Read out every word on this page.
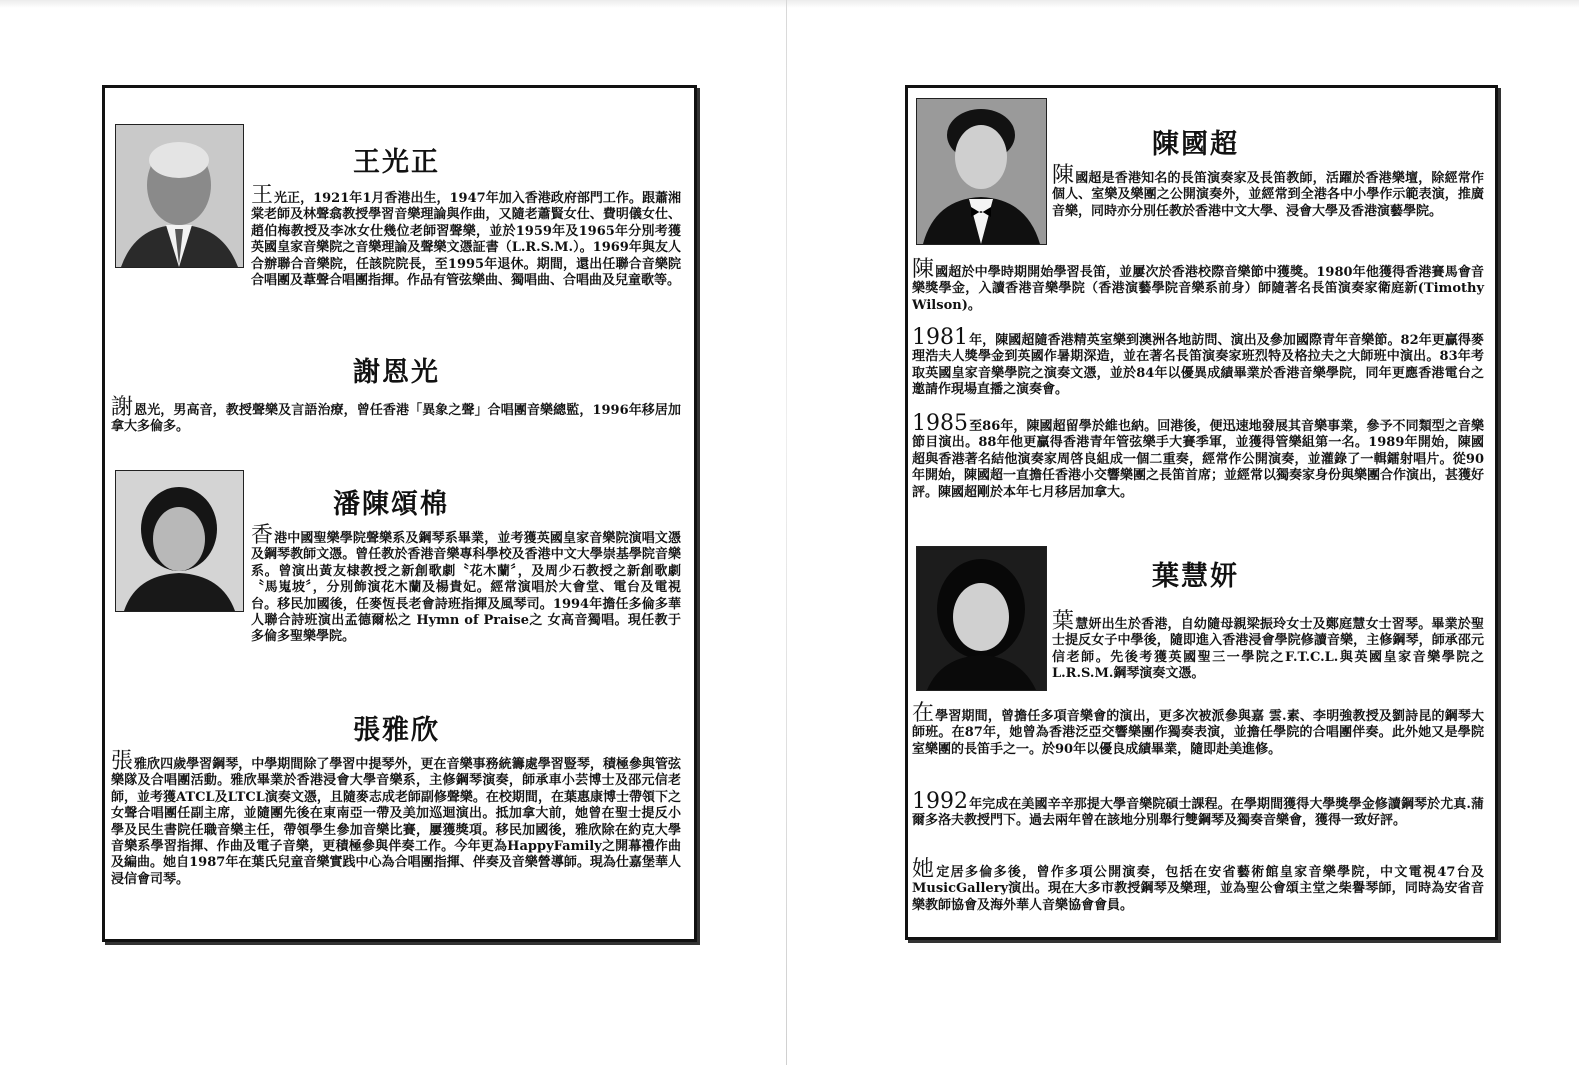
王光正
王光正，1921年1月香港出生，1947年加入香港政府部門工作。跟蕭湘棠老師及林聲翕教授學習音樂理論與作曲，又隨老蕭賢女仕、費明儀女仕、趙伯梅教授及李冰女仕幾位老師習聲樂，並於1959年及1965年分別考獲英國皇家音樂院之音樂理論及聲樂文憑証書（L.R.S.M.）。1969年與友人合辦聯合音樂院，任該院院長，至1995年退休。期間，還出任聯合音樂院合唱團及葦聲合唱團指揮。作品有管弦樂曲、獨唱曲、合唱曲及兒童歌等。
謝恩光
謝恩光，男高音，教授聲樂及言語治療，曾任香港「異象之聲」合唱團音樂總監，1996年移居加拿大多倫多。
潘陳頌棉
香港中國聖樂學院聲樂系及鋼琴系畢業，並考獲英國皇家音樂院演唱文憑及鋼琴教師文憑。曾任教於香港音樂專科學校及香港中文大學崇基學院音樂系。曾演出黃友棣教授之新創歌劇〝花木蘭〞，及周少石教授之新創歌劇〝馬嵬坡〞，分別飾演花木蘭及楊貴妃。經常演唱於大會堂、電台及電視台。移民加國後，任麥恆長老會詩班指揮及風琴司。1994年擔任多倫多華人聯合詩班演出孟德爾松之 Hymn of Praise之 女高音獨唱。現任教于多倫多聖樂學院。
張雅欣
張雅欣四歲學習鋼琴，中學期間除了學習中提琴外，更在音樂事務統籌處學習豎琴，積極參與管弦樂隊及合唱團活動。雅欣畢業於香港浸會大學音樂系，主修鋼琴演奏，師承車小芸博士及邵元信老師，並考獲ATCL及LTCL演奏文憑，且隨麥志成老師副修聲樂。在校期間，在葉惠康博士帶領下之女聲合唱團任副主席，並隨團先後在東南亞一帶及美加巡迴演出。抵加拿大前，她曾在聖士提反小學及民生書院任職音樂主任，帶領學生參加音樂比賽，屢獲獎項。移民加國後，雅欣除在約克大學音樂系學習指揮、作曲及電子音樂，更積極參與伴奏工作。今年更為HappyFamily之開幕禮作曲及編曲。她自1987年在葉氏兒童音樂實践中心為合唱團指揮、伴奏及音樂營導師。現為仕嘉堡華人浸信會司琴。
陳國超
陳國超是香港知名的長笛演奏家及長笛教師，活躍於香港樂壇，除經常作個人、室樂及樂團之公開演奏外，並經常到全港各中小學作示範表演，推廣音樂，同時亦分別任教於香港中文大學、浸會大學及香港演藝學院。
陳國超於中學時期開始學習長笛，並屢次於香港校際音樂節中獲獎。1980年他獲得香港賽馬會音樂獎學金，入讀香港音樂學院（香港演藝學院音樂系前身）師隨著名長笛演奏家衛庭新(Timothy Wilson)。
1981年，陳國超隨香港精英室樂到澳洲各地訪問、演出及參加國際青年音樂節。82年更贏得麥理浩夫人獎學金到英國作暑期深造，並在著名長笛演奏家班烈特及格拉夫之大師班中演出。83年考取英國皇家音樂學院之演奏文憑，並於84年以優異成績畢業於香港音樂學院，同年更應香港電台之邀請作現場直播之演奏會。
1985至86年，陳國超留學於維也納。回港後，便迅速地發展其音樂事業，參予不同類型之音樂節目演出。88年他更贏得香港青年管弦樂手大賽季軍，並獲得管樂組第一名。1989年開始，陳國超與香港著名結他演奏家周啓良組成一個二重奏，經常作公開演奏，並灌錄了一輯鐳射唱片。從90年開始，陳國超一直擔任香港小交響樂團之長笛首席；並經常以獨奏家身份與樂團合作演出，甚獲好評。陳國超剛於本年七月移居加拿大。
葉慧妍
葉慧妍出生於香港，自幼隨母親梁振玲女士及鄭庭慧女士習琴。畢業於聖士提反女子中學後，隨即進入香港浸會學院修讀音樂，主修鋼琴，師承邵元信老師。先後考獲英國聖三一學院之F.T.C.L.與英國皇家音樂學院之L.R.S.M.鋼琴演奏文憑。
在學習期間，曾擔任多項音樂會的演出，更多次被派參與嘉 雲.素、李明強教授及劉詩昆的鋼琴大師班。在87年，她曾為香港泛亞交響樂團作獨奏表演，並擔任學院的合唱團伴奏。此外她又是學院室樂團的長笛手之一。於90年以優良成績畢業，隨即赴美進修。
1992年完成在美國辛辛那提大學音樂院碩士課程。在學期間獲得大學獎學金修讀鋼琴於尤真.蒲爾多洛夫教授門下。過去兩年曾在該地分別舉行雙鋼琴及獨奏音樂會，獲得一致好評。
她定居多倫多後，曾作多項公開演奏，包括在安省藝術館皇家音樂學院，中文電視47台及MusicGallery演出。現在大多市教授鋼琴及樂理，並為聖公會頌主堂之柴譽琴師，同時為安省音樂教師協會及海外華人音樂協會會員。
